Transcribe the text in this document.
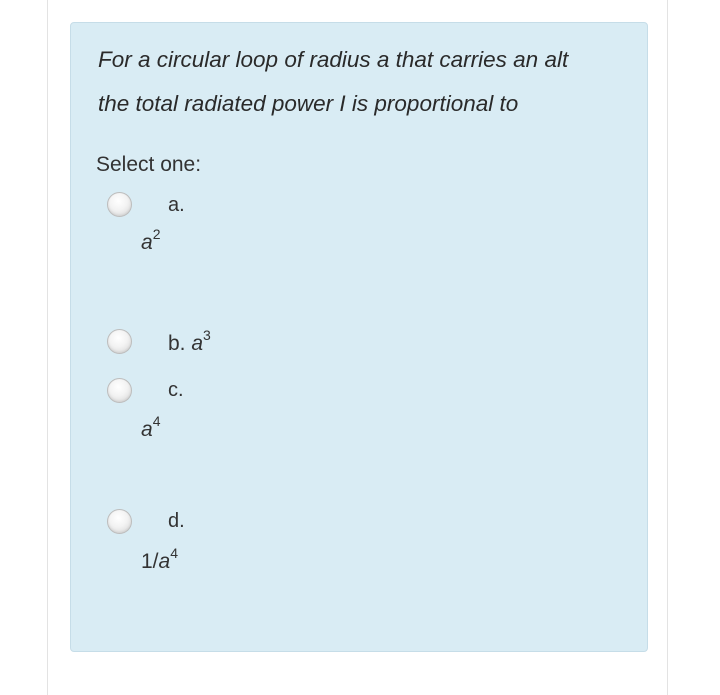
For a circular loop of radius a that carries an alt
the total radiated power I is proportional to
Select one:
a.
$a^2$
b. $a^3$
c.
$a^4$
d.
$1/a^4$
